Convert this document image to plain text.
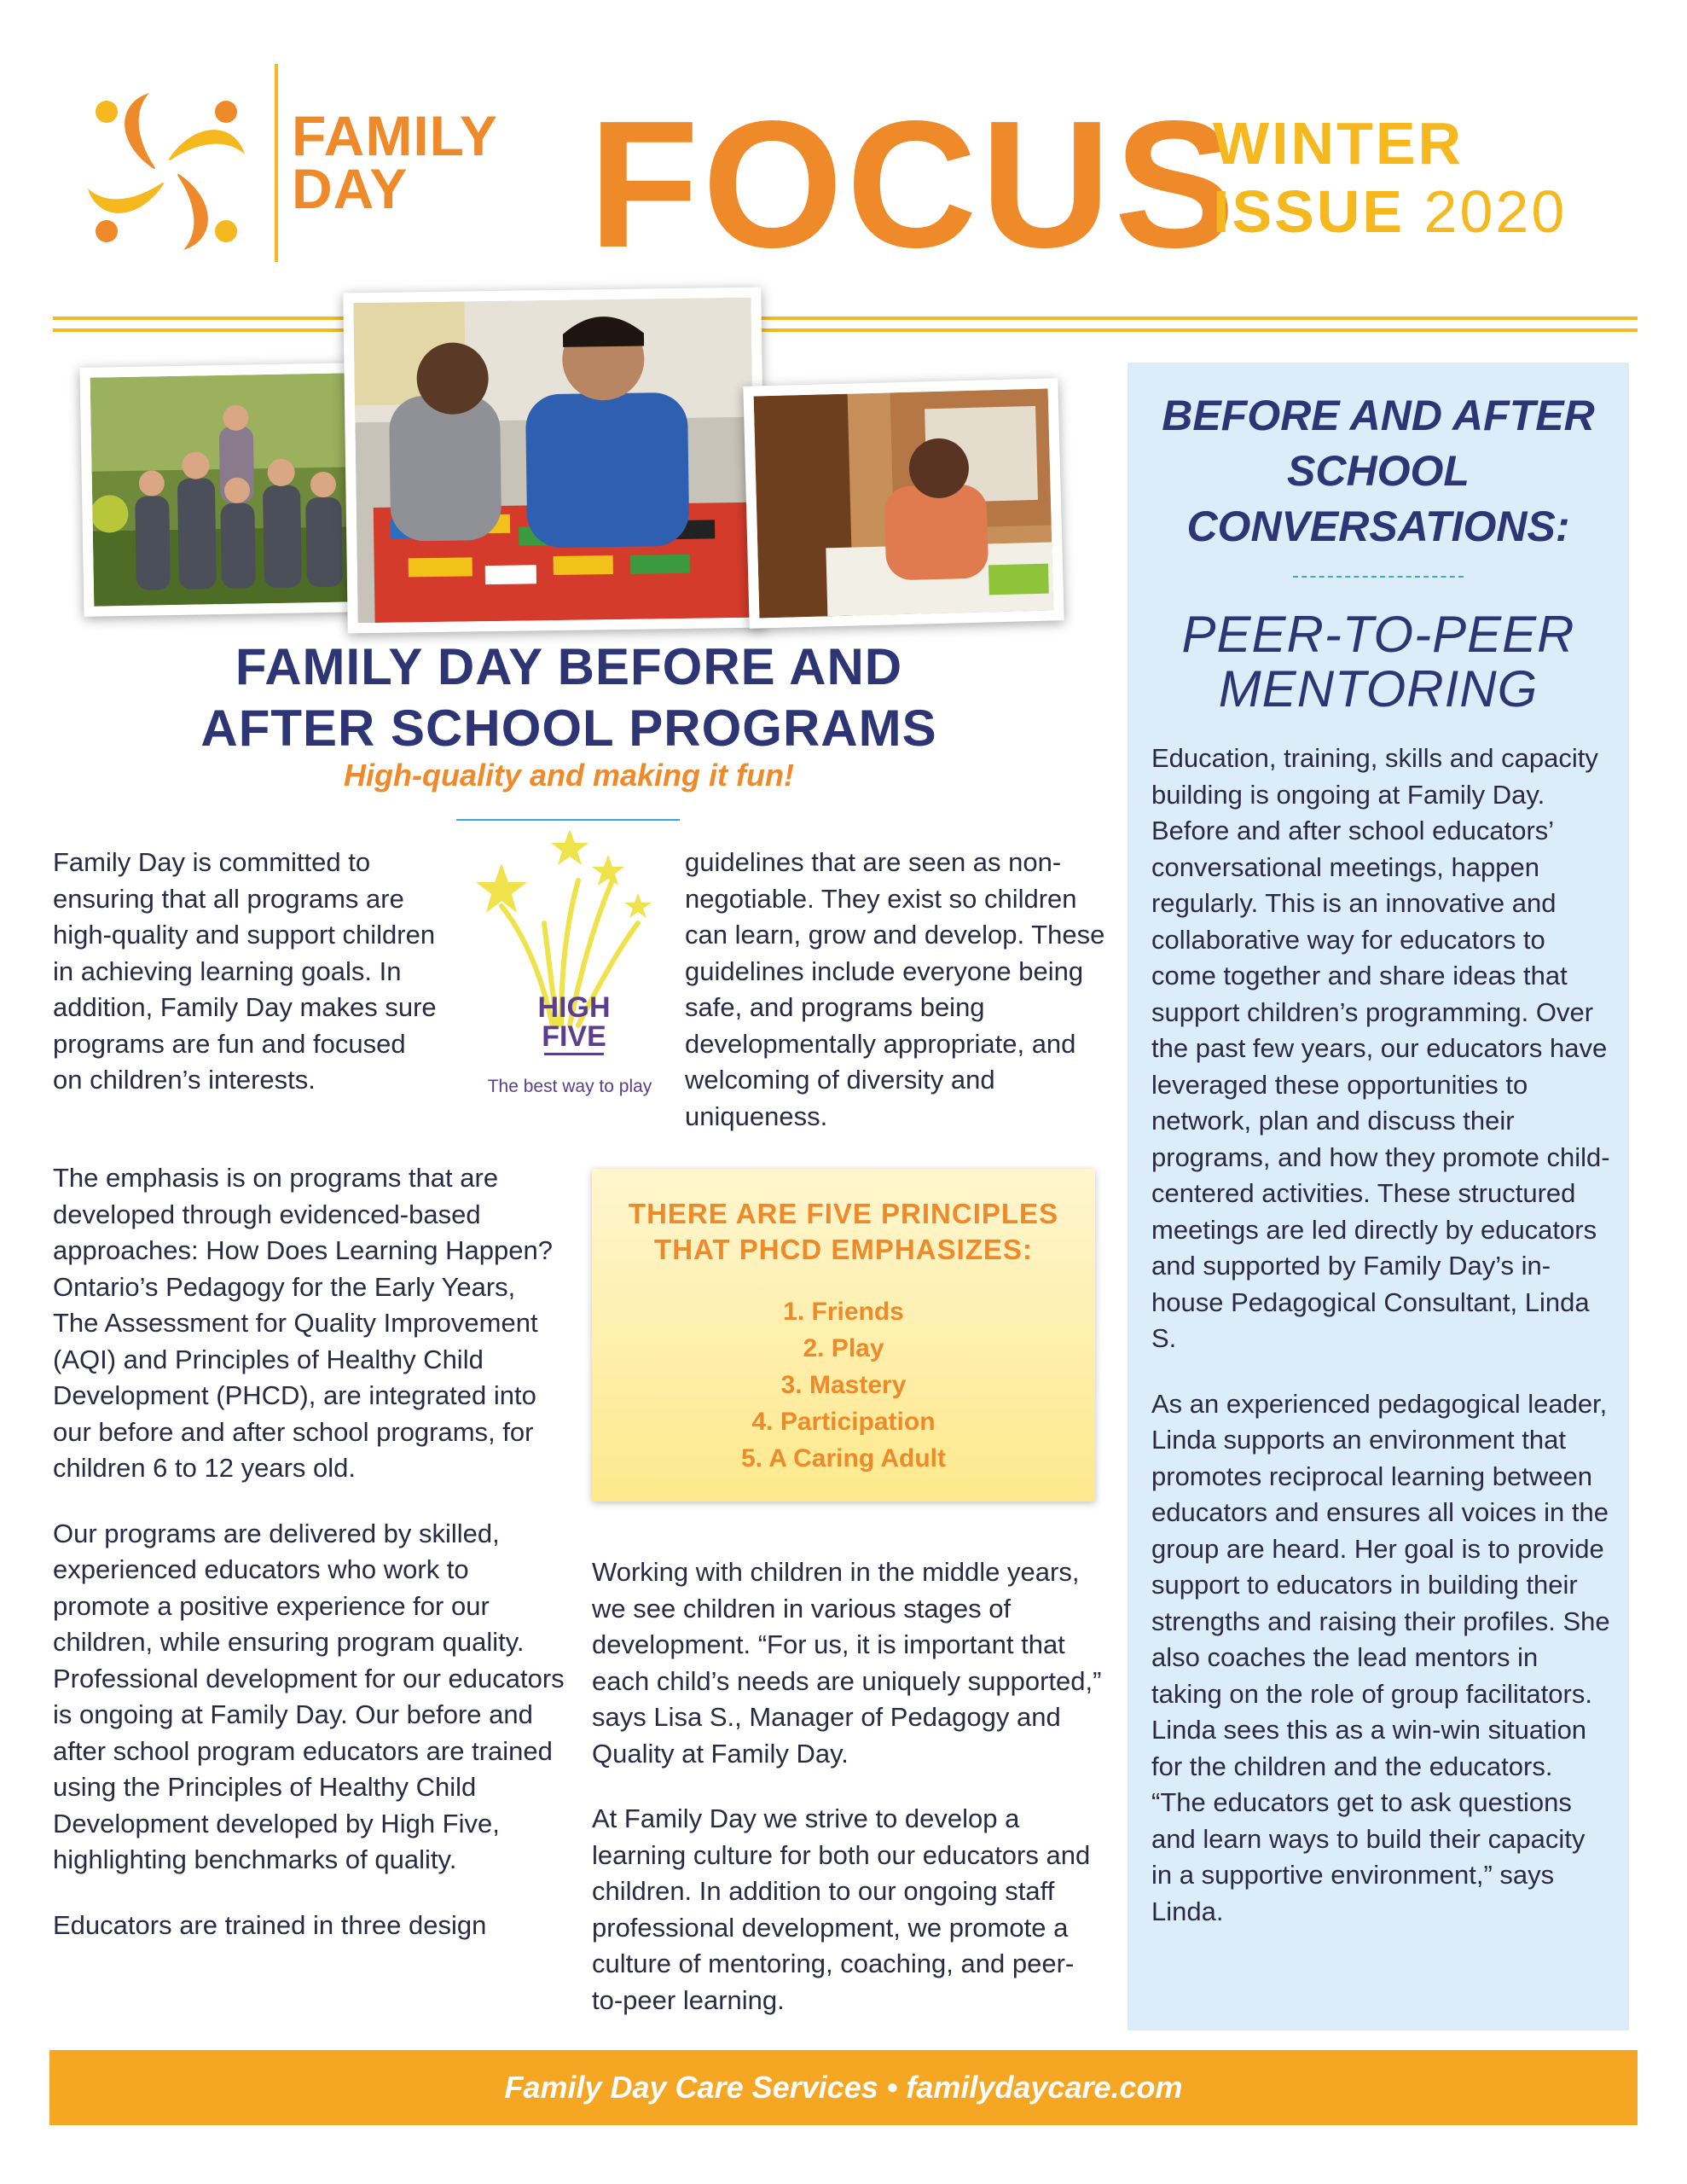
FAMILY
DAY FOCUS
WINTER
ISSUE 2020
FAMILY DAY BEFORE AND
AFTER SCHOOL PROGRAMS
High-quality and making it fun!

Family Day is committed to ensuring that all programs are high-quality and support children in achieving learning goals. In addition, Family Day makes sure programs are fun and focused on children’s interests.

The emphasis is on programs that are developed through evidenced-based approaches: How Does Learning Happen? Ontario’s Pedagogy for the Early Years, The Assessment for Quality Improvement (AQI) and Principles of Healthy Child Development (PHCD), are integrated into our before and after school programs, for children 6 to 12 years old.

Our programs are delivered by skilled, experienced educators who work to promote a positive experience for our children, while ensuring program quality. Professional development for our educators is ongoing at Family Day. Our before and after school program educators are trained using the Principles of Healthy Child Development developed by High Five, highlighting benchmarks of quality.

Educators are trained in three design

HIGH
FIVE
The best way to play

guidelines that are seen as non-negotiable. They exist so children can learn, grow and develop. These guidelines include everyone being safe, and programs being developmentally appropriate, and welcoming of diversity and uniqueness.

THERE ARE FIVE PRINCIPLES
THAT PHCD EMPHASIZES:
1. Friends
2. Play
3. Mastery
4. Participation
5. A Caring Adult

Working with children in the middle years, we see children in various stages of development. “For us, it is important that each child’s needs are uniquely supported,” says Lisa S., Manager of Pedagogy and Quality at Family Day.

At Family Day we strive to develop a learning culture for both our educators and children. In addition to our ongoing staff professional development, we promote a culture of mentoring, coaching, and peer-to-peer learning.

BEFORE AND AFTER
SCHOOL
CONVERSATIONS:
PEER-TO-PEER
MENTORING

Education, training, skills and capacity building is ongoing at Family Day. Before and after school educators’ conversational meetings, happen regularly. This is an innovative and collaborative way for educators to come together and share ideas that support children’s programming. Over the past few years, our educators have leveraged these opportunities to network, plan and discuss their programs, and how they promote child-centered activities. These structured meetings are led directly by educators and supported by Family Day’s in-house Pedagogical Consultant, Linda S.

As an experienced pedagogical leader, Linda supports an environment that promotes reciprocal learning between educators and ensures all voices in the group are heard. Her goal is to provide support to educators in building their strengths and raising their profiles. She also coaches the lead mentors in taking on the role of group facilitators. Linda sees this as a win-win situation for the children and the educators. “The educators get to ask questions and learn ways to build their capacity in a supportive environment,” says Linda.

Family Day Care Services • familydaycare.com
